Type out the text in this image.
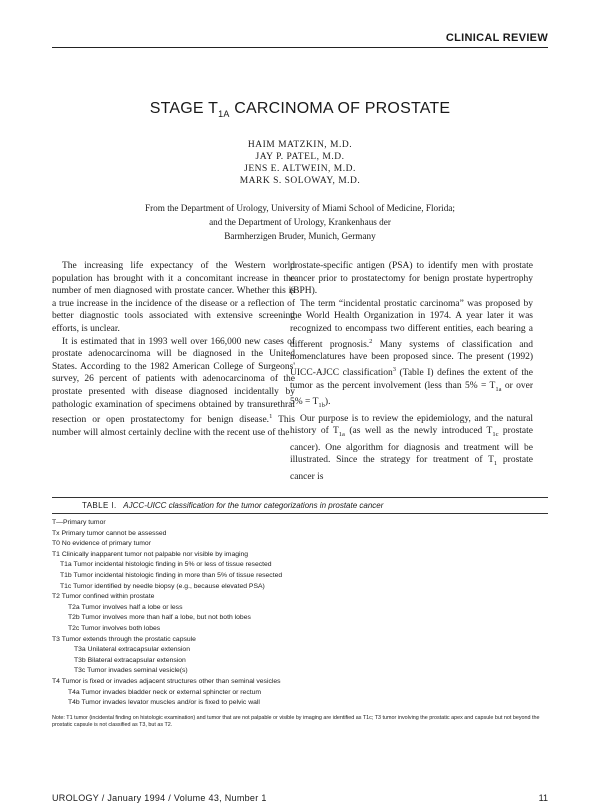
CLINICAL REVIEW
STAGE $T_{1A}$ CARCINOMA OF PROSTATE
HAIM MATZKIN, M.D.
JAY P. PATEL, M.D.
JENS E. ALTWEIN, M.D.
MARK S. SOLOWAY, M.D.
From the Department of Urology, University of Miami School of Medicine, Florida;
and the Department of Urology, Krankenhaus der
Barmherzigen Bruder, Munich, Germany

The increasing life expectancy of the Western world population has brought with it a concomitant increase in the number of men diagnosed with prostate cancer. Whether this is a true increase in the incidence of the disease or a reflection of better diagnostic tools associated with extensive screening efforts, is unclear.

It is estimated that in 1993 well over 166,000 new cases of prostate adenocarcinoma will be diagnosed in the United States. According to the 1982 American College of Surgeons' survey, 26 percent of patients with adenocarcinoma of the prostate presented with disease diagnosed incidentally by pathologic examination of specimens obtained by transurethral resection or open prostatectomy for benign disease.$^1$ This number will almost certainly decline with the recent use of the

prostate-specific antigen (PSA) to identify men with prostate cancer prior to prostatectomy for benign prostate hypertrophy (BPH).

The term “incidental prostatic carcinoma” was proposed by the World Health Organization in 1974. A year later it was recognized to encompass two different entities, each bearing a different prognosis.$^2$ Many systems of classification and nomenclatures have been proposed since. The present (1992) UICC-AJCC classification$^3$ (Table I) defines the extent of the tumor as the percent involvement (less than $5\% = T_{1a}$ or over $5\% = T_{1b}$).

Our purpose is to review the epidemiology, and the natural history of $T_{1a}$ (as well as the newly introduced $T_{1c}$ prostate cancer). One algorithm for diagnosis and treatment will be illustrated. Since the strategy for treatment of $T_1$ prostate cancer is

TABLE I. AJCC-UICC classification for the tumor categorizations in prostate cancer
T—Primary tumor
Tx Primary tumor cannot be assessed
T0 No evidence of primary tumor
T1 Clinically inapparent tumor not palpable nor visible by imaging
T1a Tumor incidental histologic finding in 5% or less of tissue resected
T1b Tumor incidental histologic finding in more than 5% of tissue resected
T1c Tumor identified by needle biopsy (e.g., because elevated PSA)
T2 Tumor confined within prostate
T2a Tumor involves half a lobe or less
T2b Tumor involves more than half a lobe, but not both lobes
T2c Tumor involves both lobes
T3 Tumor extends through the prostatic capsule
T3a Unilateral extracapsular extension
T3b Bilateral extracapsular extension
T3c Tumor invades seminal vesicle(s)
T4 Tumor is fixed or invades adjacent structures other than seminal vesicles
T4a Tumor invades bladder neck or external sphincter or rectum
T4b Tumor invades levator muscles and/or is fixed to pelvic wall
Note: T1 tumor (incidental finding on histologic examination) and tumor that are not palpable or visible by imaging are identified as T1c; T3 tumor involving the prostatic apex and capsule but not beyond the prostatic capsule is not classified as T3, but as T2.
UROLOGY / January 1994 / Volume 43, Number 1	11
